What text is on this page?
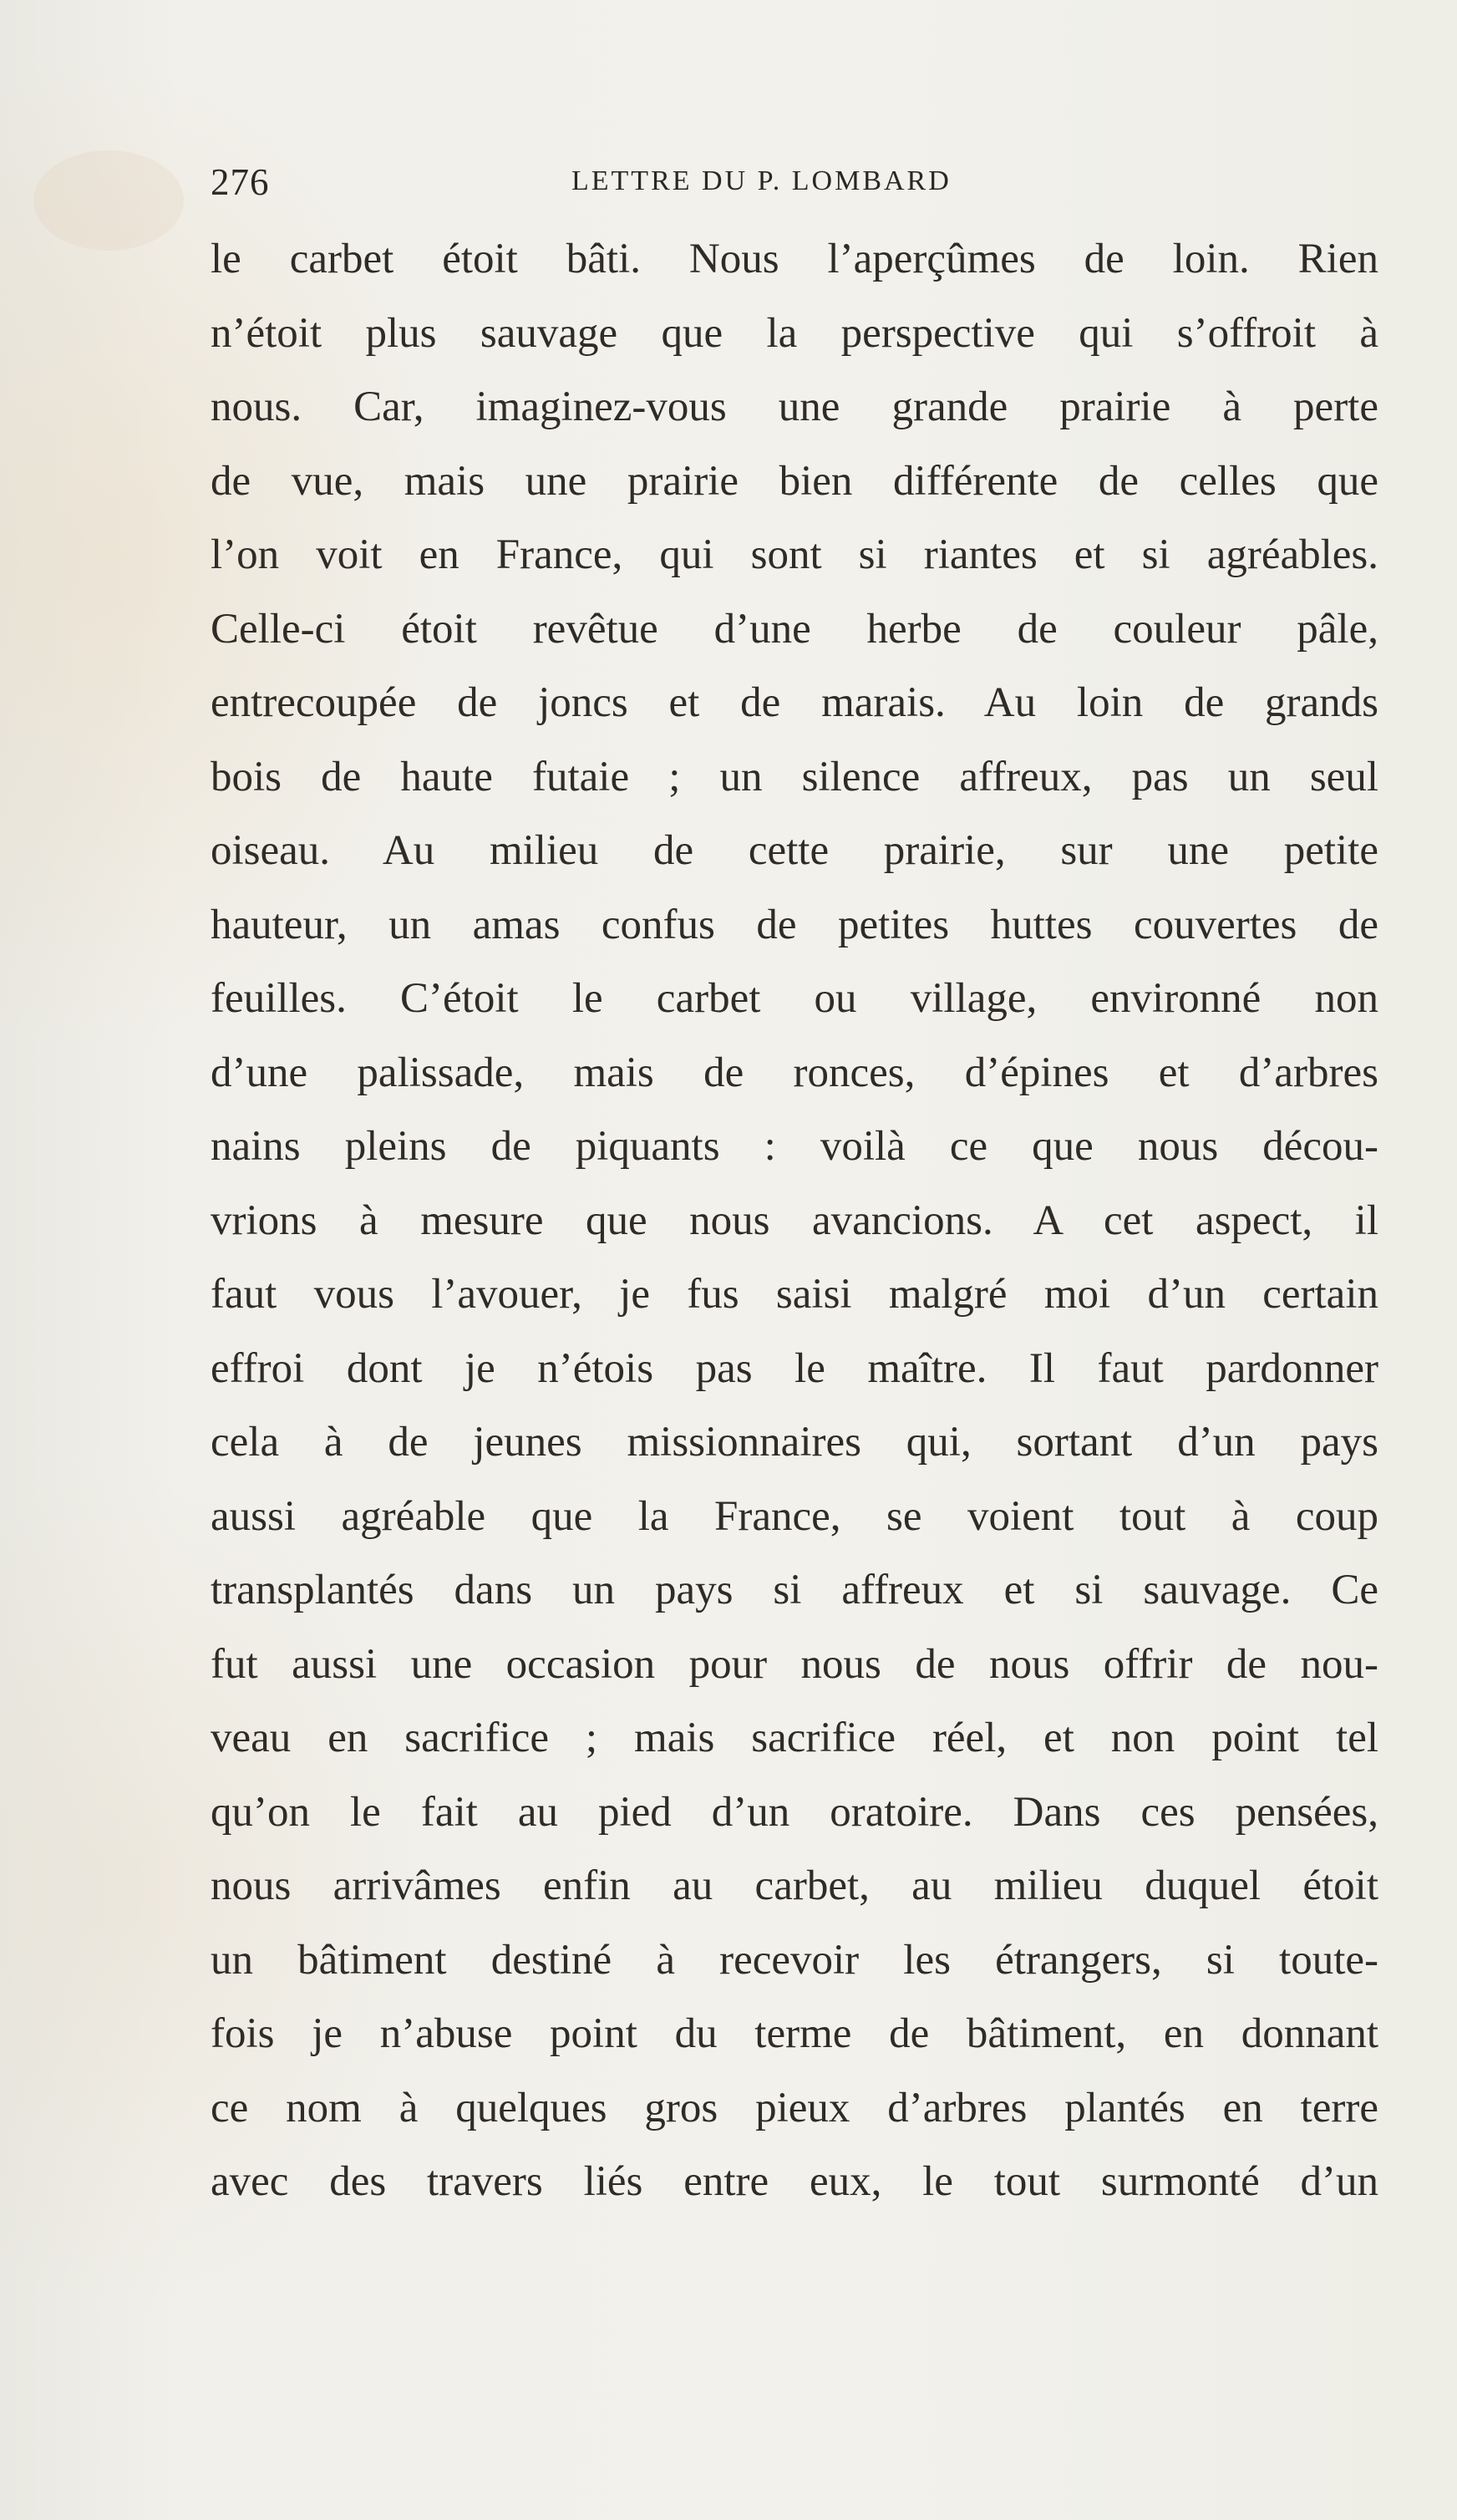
276	LETTRE DU P. LOMBARD
le carbet étoit bâti. Nous l’aperçûmes de loin. Rien
n’étoit plus sauvage que la perspective qui s’offroit à
nous. Car, imaginez-vous une grande prairie à perte
de vue, mais une prairie bien différente de celles que
l’on voit en France, qui sont si riantes et si agréables.
Celle-ci étoit revêtue d’une herbe de couleur pâle,
entrecoupée de joncs et de marais. Au loin de grands
bois de haute futaie ; un silence affreux, pas un seul
oiseau. Au milieu de cette prairie, sur une petite
hauteur, un amas confus de petites huttes couvertes de
feuilles. C’étoit le carbet ou village, environné non
d’une palissade, mais de ronces, d’épines et d’arbres
nains pleins de piquants : voilà ce que nous décou-
vrions à mesure que nous avancions. A cet aspect, il
faut vous l’avouer, je fus saisi malgré moi d’un certain
effroi dont je n’étois pas le maître. Il faut pardonner
cela à de jeunes missionnaires qui, sortant d’un pays
aussi agréable que la France, se voient tout à coup
transplantés dans un pays si affreux et si sauvage. Ce
fut aussi une occasion pour nous de nous offrir de nou-
veau en sacrifice ; mais sacrifice réel, et non point tel
qu’on le fait au pied d’un oratoire. Dans ces pensées,
nous arrivâmes enfin au carbet, au milieu duquel étoit
un bâtiment destiné à recevoir les étrangers, si toute-
fois je n’abuse point du terme de bâtiment, en donnant
ce nom à quelques gros pieux d’arbres plantés en terre
avec des travers liés entre eux, le tout surmonté d’un
